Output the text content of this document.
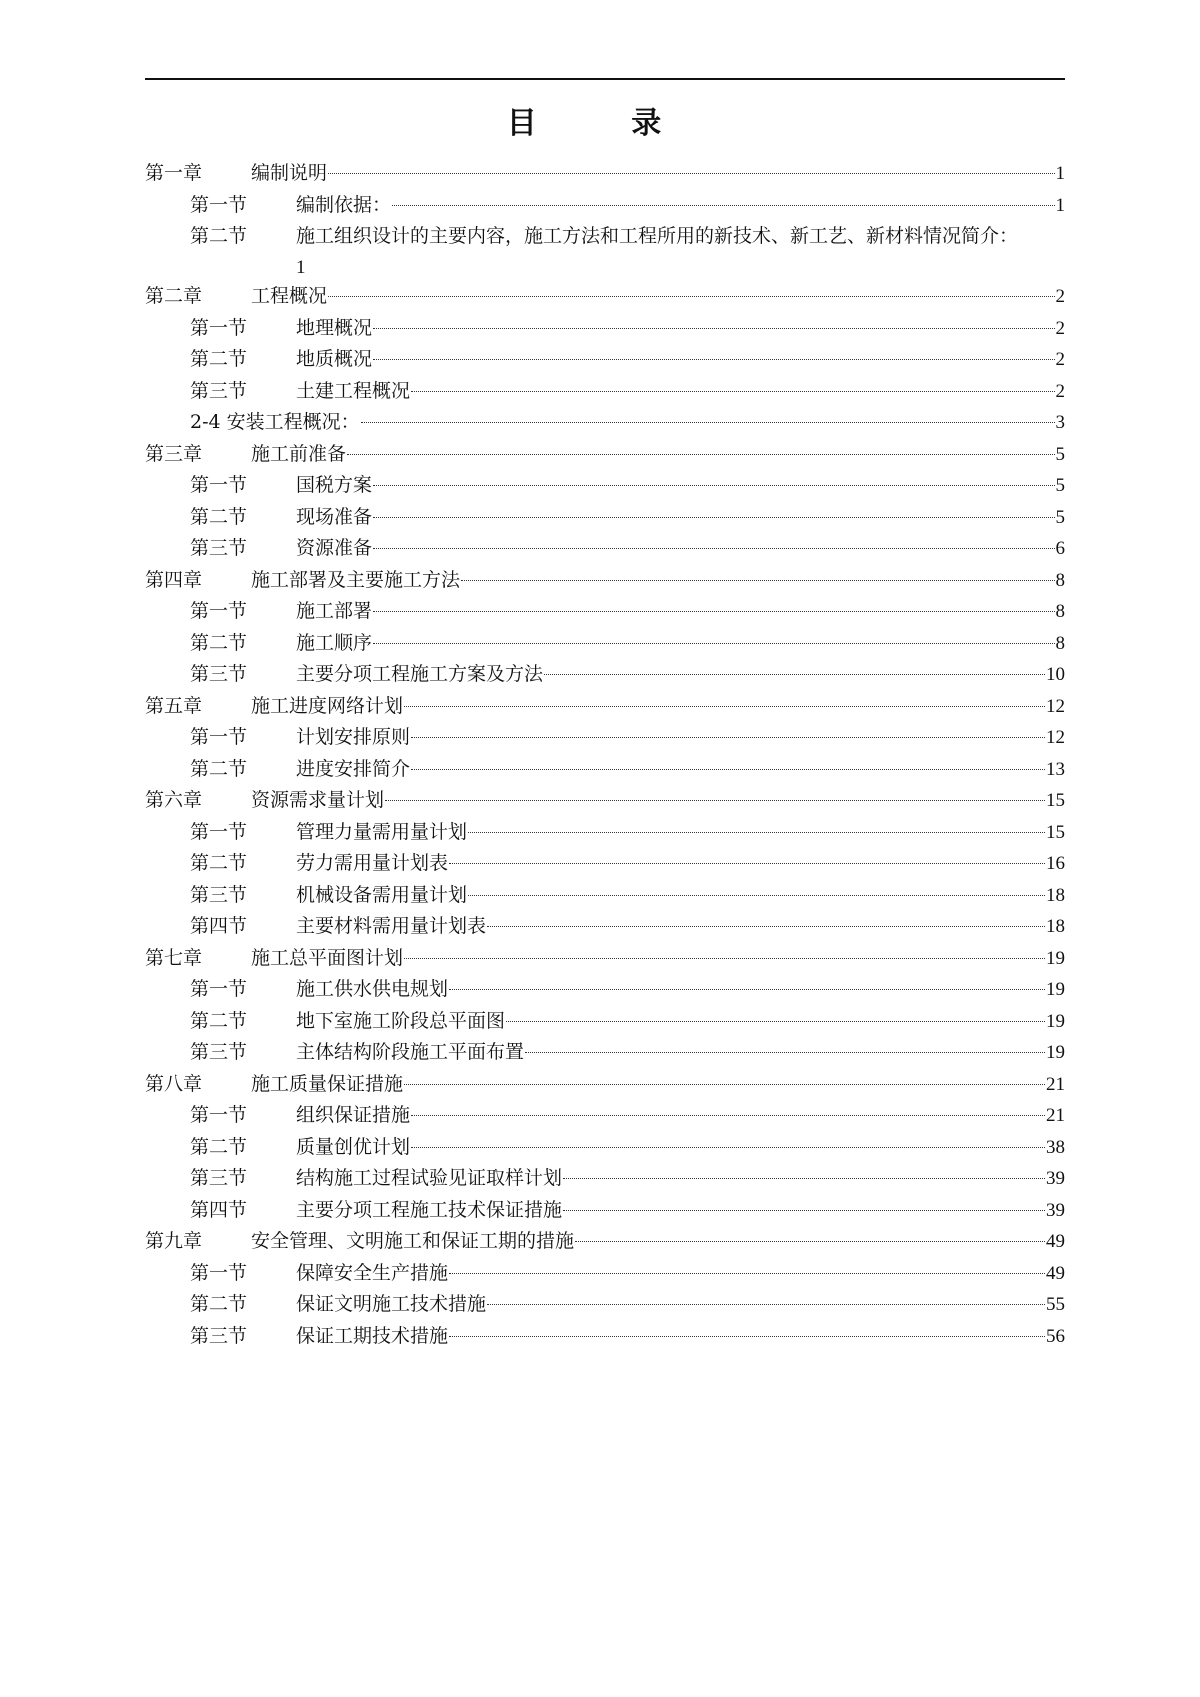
目 录
第一章	编制说明	1
第一节	编制依据：	1
第二节	施工组织设计的主要内容，施工方法和工程所用的新技术、新工艺、新材料情况简介：
1
第二章	工程概况	2
第一节	地理概况	2
第二节	地质概况	2
第三节	土建工程概况	2
2-4 安装工程概况：	3
第三章	施工前准备	5
第一节	国税方案	5
第二节	现场准备	5
第三节	资源准备	6
第四章	施工部署及主要施工方法	8
第一节	施工部署	8
第二节	施工顺序	8
第三节	主要分项工程施工方案及方法	10
第五章	施工进度网络计划	12
第一节	计划安排原则	12
第二节	进度安排简介	13
第六章	资源需求量计划	15
第一节	管理力量需用量计划	15
第二节	劳力需用量计划表	16
第三节	机械设备需用量计划	18
第四节	主要材料需用量计划表	18
第七章	施工总平面图计划	19
第一节	施工供水供电规划	19
第二节	地下室施工阶段总平面图	19
第三节	主体结构阶段施工平面布置	19
第八章	施工质量保证措施	21
第一节	组织保证措施	21
第二节	质量创优计划	38
第三节	结构施工过程试验见证取样计划	39
第四节	主要分项工程施工技术保证措施	39
第九章	安全管理、文明施工和保证工期的措施	49
第一节	保障安全生产措施	49
第二节	保证文明施工技术措施	55
第三节	保证工期技术措施	56
